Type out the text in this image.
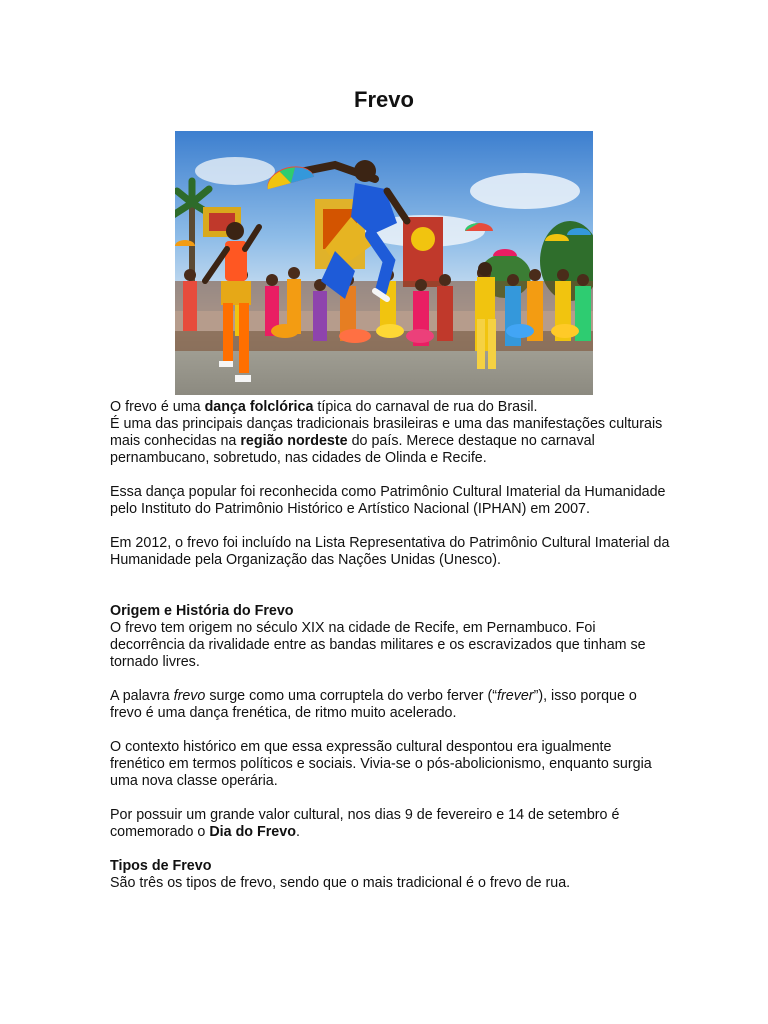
Frevo

O frevo é uma dança folclórica típica do carnaval de rua do Brasil.

É uma das principais danças tradicionais brasileiras e uma das manifestações culturais mais conhecidas na região nordeste do país. Merece destaque no carnaval pernambucano, sobretudo, nas cidades de Olinda e Recife.

Essa dança popular foi reconhecida como Patrimônio Cultural Imaterial da Humanidade pelo Instituto do Patrimônio Histórico e Artístico Nacional (IPHAN) em 2007.

Em 2012, o frevo foi incluído na Lista Representativa do Patrimônio Cultural Imaterial da Humanidade pela Organização das Nações Unidas (Unesco).

Origem e História do Frevo

O frevo tem origem no século XIX na cidade de Recife, em Pernambuco. Foi decorrência da rivalidade entre as bandas militares e os escravizados que tinham se tornado livres.

A palavra frevo surge como uma corruptela do verbo ferver (“frever”), isso porque o frevo é uma dança frenética, de ritmo muito acelerado.

O contexto histórico em que essa expressão cultural despontou era igualmente frenético em termos políticos e sociais. Vivia-se o pós-abolicionismo, enquanto surgia uma nova classe operária.

Por possuir um grande valor cultural, nos dias 9 de fevereiro e 14 de setembro é comemorado o Dia do Frevo.

Tipos de Frevo

São três os tipos de frevo, sendo que o mais tradicional é o frevo de rua.
